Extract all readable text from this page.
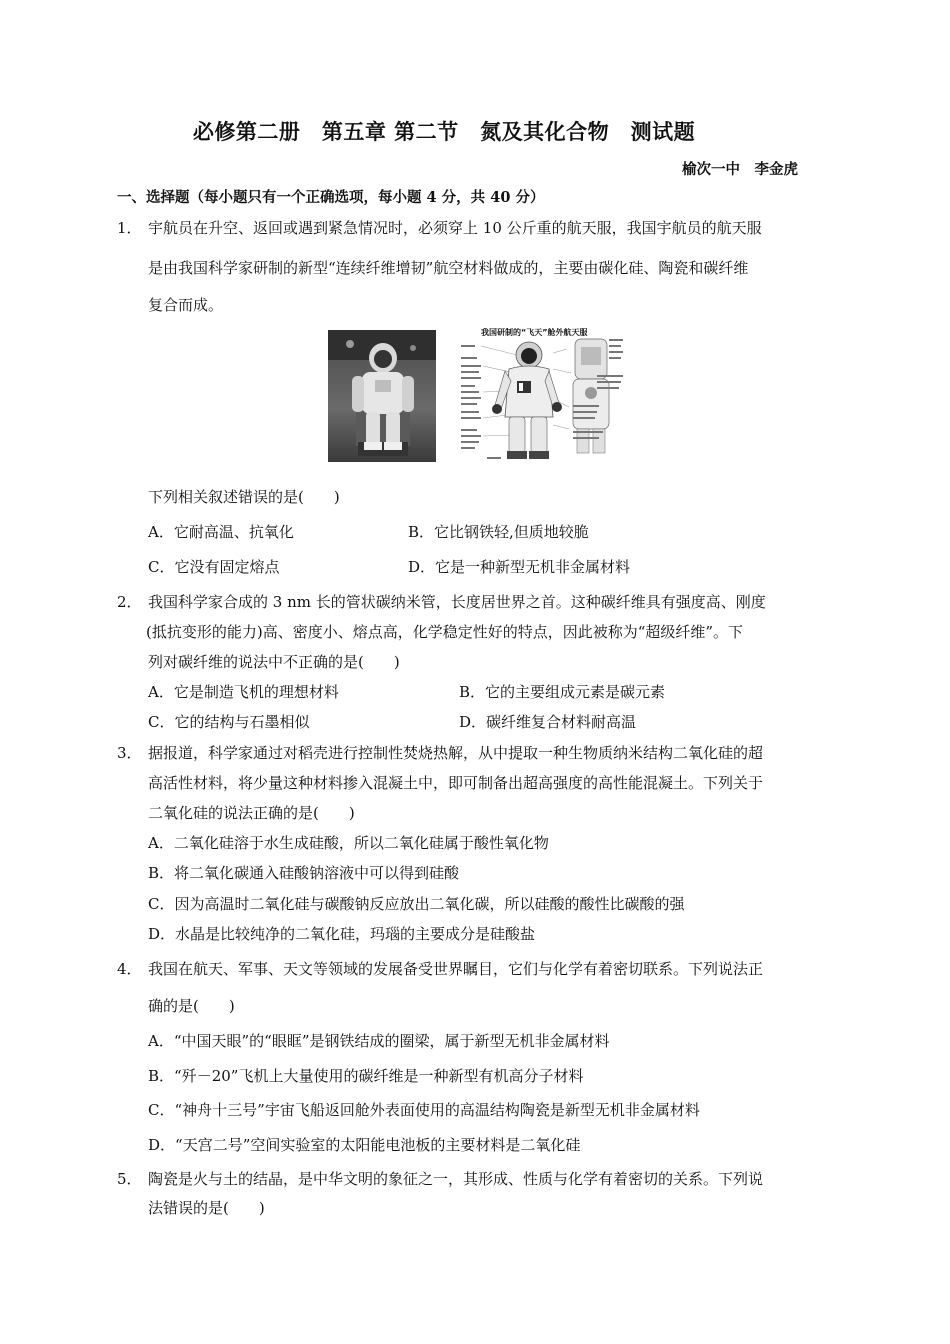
必修第二册　第五章 第二节　氮及其化合物　测试题
榆次一中　李金虎
一、选择题（每小题只有一个正确选项，每小题 4 分，共 40 分）
1． 宇航员在升空、返回或遇到紧急情况时，必须穿上 10 公斤重的航天服，我国宇航员的航天服
是由我国科学家研制的新型“连续纤维增韧”航空材料做成的，主要由碳化硅、陶瓷和碳纤维
复合而成。
我国研制的“飞天”舱外航天服
下列相关叙述错误的是(　　)
A．它耐高温、抗氧化	B．它比钢铁轻,但质地较脆
C．它没有固定熔点	D．它是一种新型无机非金属材料
2． 我国科学家合成的 3 nm 长的管状碳纳米管，长度居世界之首。这种碳纤维具有强度高、刚度
(抵抗变形的能力)高、密度小、熔点高，化学稳定性好的特点，因此被称为“超级纤维”。下
列对碳纤维的说法中不正确的是(　　)
A．它是制造飞机的理想材料	B．它的主要组成元素是碳元素
C．它的结构与石墨相似	D．碳纤维复合材料耐高温
3． 据报道，科学家通过对稻壳进行控制性焚烧热解，从中提取一种生物质纳米结构二氧化硅的超
高活性材料，将少量这种材料掺入混凝土中，即可制备出超高强度的高性能混凝土。下列关于
二氧化硅的说法正确的是(　　)
A．二氧化硅溶于水生成硅酸，所以二氧化硅属于酸性氧化物
B．将二氧化碳通入硅酸钠溶液中可以得到硅酸
C．因为高温时二氧化硅与碳酸钠反应放出二氧化碳，所以硅酸的酸性比碳酸的强
D．水晶是比较纯净的二氧化硅，玛瑙的主要成分是硅酸盐
4． 我国在航天、军事、天文等领域的发展备受世界瞩目，它们与化学有着密切联系。下列说法正
确的是(　　)
A．“中国天眼”的“眼眶”是钢铁结成的圈梁，属于新型无机非金属材料
B．“歼－20”飞机上大量使用的碳纤维是一种新型有机高分子材料
C．“神舟十三号”宇宙飞船返回舱外表面使用的高温结构陶瓷是新型无机非金属材料
D．“天宫二号”空间实验室的太阳能电池板的主要材料是二氧化硅
5． 陶瓷是火与土的结晶，是中华文明的象征之一，其形成、性质与化学有着密切的关系。下列说
法错误的是(　　)
